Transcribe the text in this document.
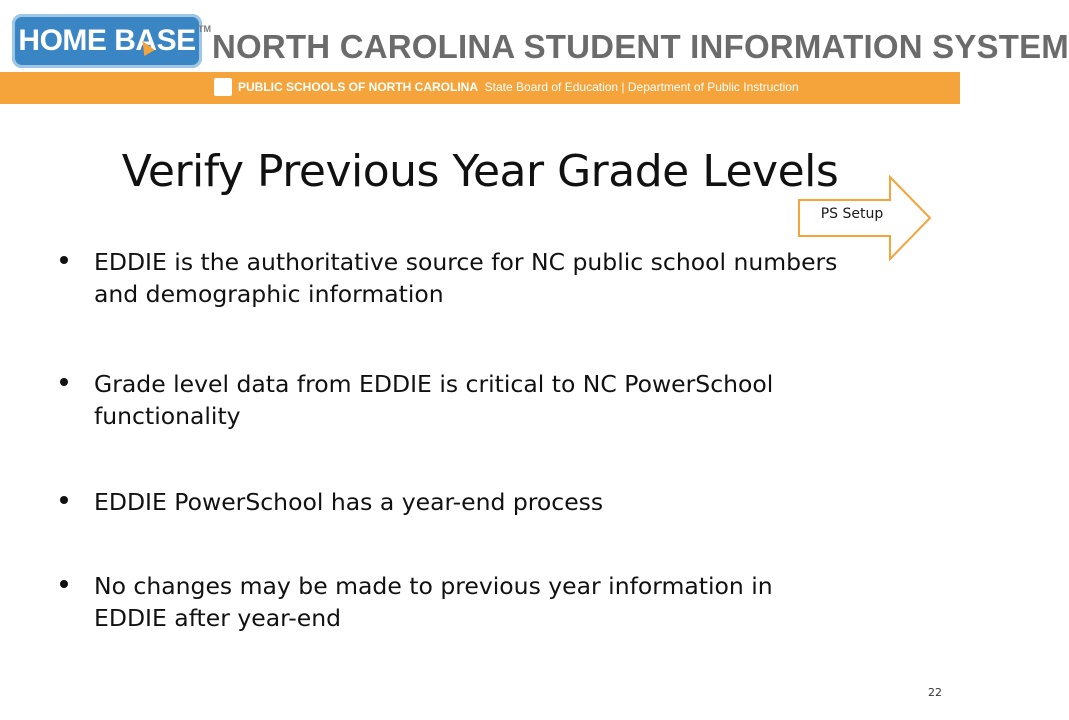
HOME BASE TM NORTH CAROLINA STUDENT INFORMATION SYSTEM
PUBLIC SCHOOLS OF NORTH CAROLINA State Board of Education | Department of Public Instruction
Verify Previous Year Grade Levels
PS Setup
EDDIE is the authoritative source for NC public school numbers and demographic information
Grade level data from EDDIE is critical to NC PowerSchool functionality
EDDIE PowerSchool has a year-end process
No changes may be made to previous year information in EDDIE after year-end
22
